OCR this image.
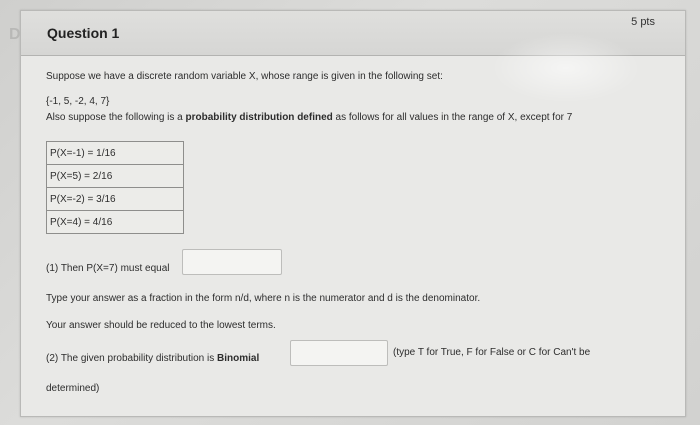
D	Question 1
5 pts
Suppose we have a discrete random variable X, whose range is given in the following set:
{-1, 5, -2, 4, 7}
Also suppose the following is a probability distribution defined as follows for all values in the range of X, except for 7
P(X=-1) = 1/16
P(X=5) = 2/16
P(X=-2) = 3/16
P(X=4) = 4/16
(1) Then P(X=7) must equal
Type your answer as a fraction in the form n/d, where n is the numerator and d is the denominator.
Your answer should be reduced to the lowest terms.
(2) The given probability distribution is Binomial
(type T for True, F for False or C for Can't be
determined)
